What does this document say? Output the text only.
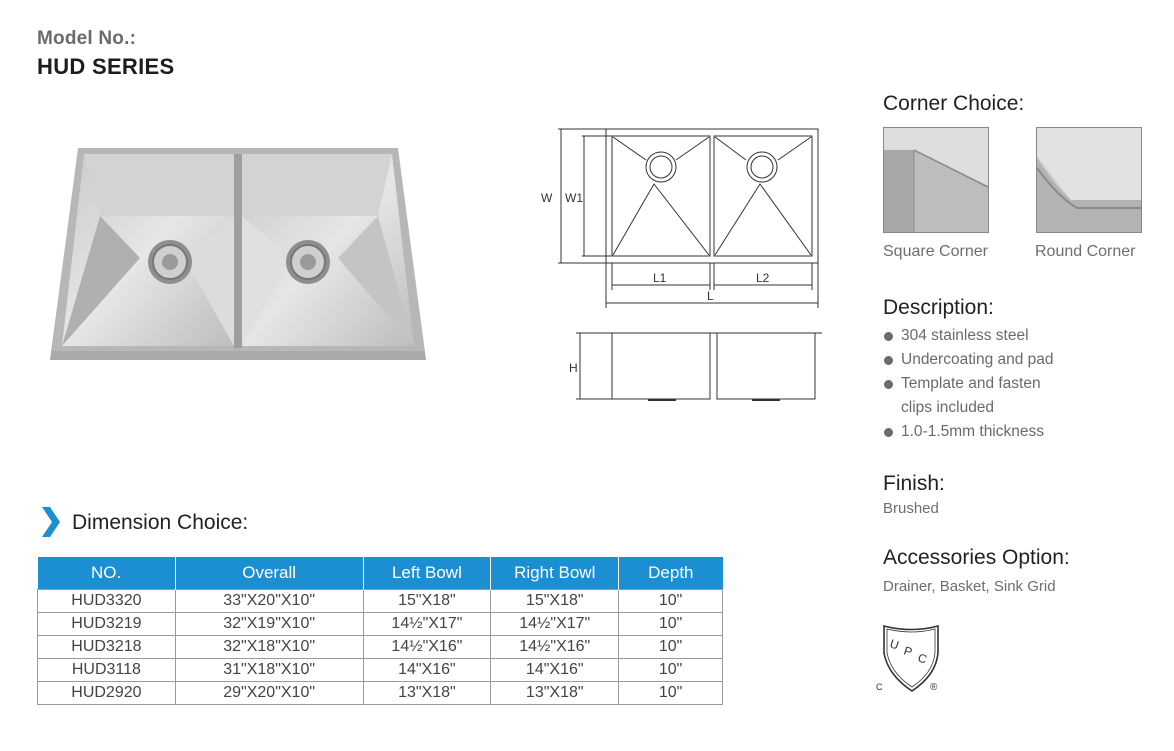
Model No.:
HUD SERIES
W W1
L1	L2
L
H
Corner Choice:
Square Corner	Round Corner
Description:
304 stainless steel
Undercoating and pad
Template and fasten clips included
1.0-1.5mm thickness
Finish:
Brushed
Accessories Option:
Drainer, Basket, Sink Grid
U P C
C	®
Dimension Choice:
NO.	Overall	Left Bowl	Right Bowl	Depth
HUD3320	33"X20"X10"	15"X18"	15"X18"	10"
HUD3219	32"X19"X10"	14½"X17"	14½"X17"	10"
HUD3218	32"X18"X10"	14½"X16"	14½"X16"	10"
HUD3118	31"X18"X10"	14"X16"	14"X16"	10"
HUD2920	29"X20"X10"	13"X18"	13"X18"	10"
